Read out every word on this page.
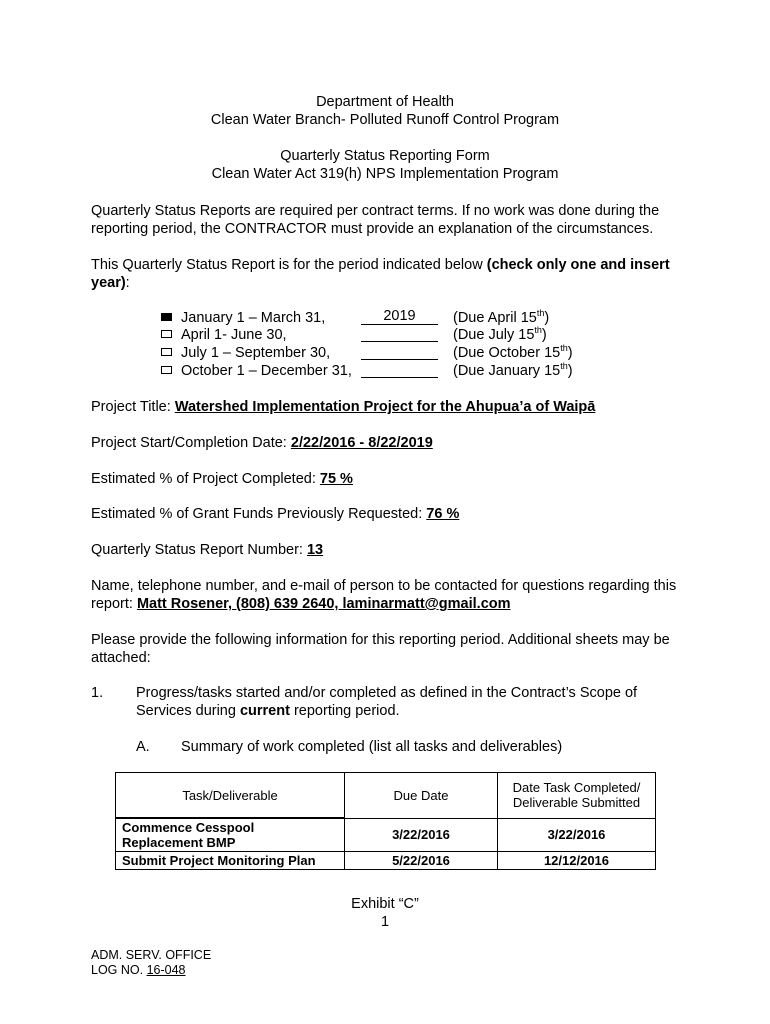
Department of Health
Clean Water Branch- Polluted Runoff Control Program
Quarterly Status Reporting Form
Clean Water Act 319(h) NPS Implementation Program
Quarterly Status Reports are required per contract terms. If no work was done during the reporting period, the CONTRACTOR must provide an explanation of the circumstances.
This Quarterly Status Report is for the period indicated below (check only one and insert year):
January 1 – March 31,	2019	(Due April 15th)
April 1- June 30,	(Due July 15th)
July 1 – September 30,	(Due October 15th)
October 1 – December 31,	(Due January 15th)
Project Title: Watershed Implementation Project for the Ahupua’a of Waipā
Project Start/Completion Date: 2/22/2016 - 8/22/2019
Estimated % of Project Completed: 75 %
Estimated % of Grant Funds Previously Requested: 76 %
Quarterly Status Report Number: 13
Name, telephone number, and e-mail of person to be contacted for questions regarding this report: Matt Rosener, (808) 639 2640, laminarmatt@gmail.com
Please provide the following information for this reporting period. Additional sheets may be attached:
1. Progress/tasks started and/or completed as defined in the Contract’s Scope of Services during current reporting period.
A. Summary of work completed (list all tasks and deliverables)
Task/Deliverable	Due Date	Date Task Completed/ Deliverable Submitted
Commence Cesspool Replacement BMP	3/22/2016	3/22/2016
Submit Project Monitoring Plan	5/22/2016	12/12/2016
Exhibit “C”
1
ADM. SERV. OFFICE
LOG NO. 16-048
